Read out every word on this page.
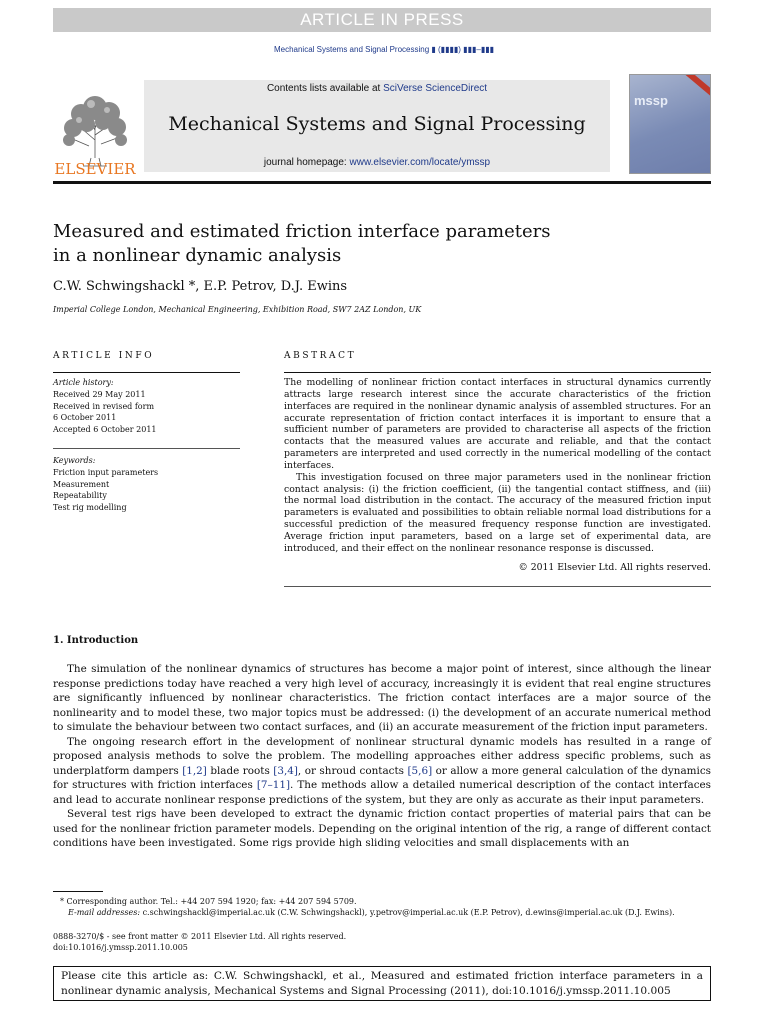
ARTICLE IN PRESS
Mechanical Systems and Signal Processing ▮ (▮▮▮▮) ▮▮▮–▮▮▮
ELSEVIER
Contents lists available at SciVerse ScienceDirect
Mechanical Systems and Signal Processing
journal homepage: www.elsevier.com/locate/ymssp
mssp
Measured and estimated friction interface parameters
in a nonlinear dynamic analysis
C.W. Schwingshackl *, E.P. Petrov, D.J. Ewins
Imperial College London, Mechanical Engineering, Exhibition Road, SW7 2AZ London, UK
ARTICLE INFO
Article history:
Received 29 May 2011
Received in revised form
6 October 2011
Accepted 6 October 2011
Keywords:
Friction input parameters
Measurement
Repeatability
Test rig modelling
ABSTRACT

The modelling of nonlinear friction contact interfaces in structural dynamics currently attracts large research interest since the accurate characteristics of the friction interfaces are required in the nonlinear dynamic analysis of assembled structures. For an accurate representation of friction contact interfaces it is important to ensure that a sufficient number of parameters are provided to characterise all aspects of the friction contacts that the measured values are accurate and reliable, and that the contact parameters are interpreted and used correctly in the numerical modelling of the contact interfaces.

This investigation focused on three major parameters used in the nonlinear friction contact analysis: (i) the friction coefficient, (ii) the tangential contact stiffness, and (iii) the normal load distribution in the contact. The accuracy of the measured friction input parameters is evaluated and possibilities to obtain reliable normal load distributions for a successful prediction of the measured frequency response function are investigated. Average friction input parameters, based on a large set of experimental data, are introduced, and their effect on the nonlinear resonance response is discussed.

© 2011 Elsevier Ltd. All rights reserved.
1. Introduction

The simulation of the nonlinear dynamics of structures has become a major point of interest, since although the linear response predictions today have reached a very high level of accuracy, increasingly it is evident that real engine structures are significantly influenced by nonlinear characteristics. The friction contact interfaces are a major source of the nonlinearity and to model these, two major topics must be addressed: (i) the development of an accurate numerical method to simulate the behaviour between two contact surfaces, and (ii) an accurate measurement of the friction input parameters.

The ongoing research effort in the development of nonlinear structural dynamic models has resulted in a range of proposed analysis methods to solve the problem. The modelling approaches either address specific problems, such as underplatform dampers [1,2] blade roots [3,4], or shroud contacts [5,6] or allow a more general calculation of the dynamics for structures with friction interfaces [7–11]. The methods allow a detailed numerical description of the contact interfaces and lead to accurate nonlinear response predictions of the system, but they are only as accurate as their input parameters.

Several test rigs have been developed to extract the dynamic friction contact properties of material pairs that can be used for the nonlinear friction parameter models. Depending on the original intention of the rig, a range of different contact conditions have been investigated. Some rigs provide high sliding velocities and small displacements with an

* Corresponding author. Tel.: +44 207 594 1920; fax: +44 207 594 5709.
E-mail addresses: c.schwingshackl@imperial.ac.uk (C.W. Schwingshackl), y.petrov@imperial.ac.uk (E.P. Petrov), d.ewins@imperial.ac.uk (D.J. Ewins).
0888-3270/$ - see front matter © 2011 Elsevier Ltd. All rights reserved.
doi:10.1016/j.ymssp.2011.10.005
Please cite this article as: C.W. Schwingshackl, et al., Measured and estimated friction interface parameters in a nonlinear dynamic analysis, Mechanical Systems and Signal Processing (2011), doi:10.1016/j.ymssp.2011.10.005
